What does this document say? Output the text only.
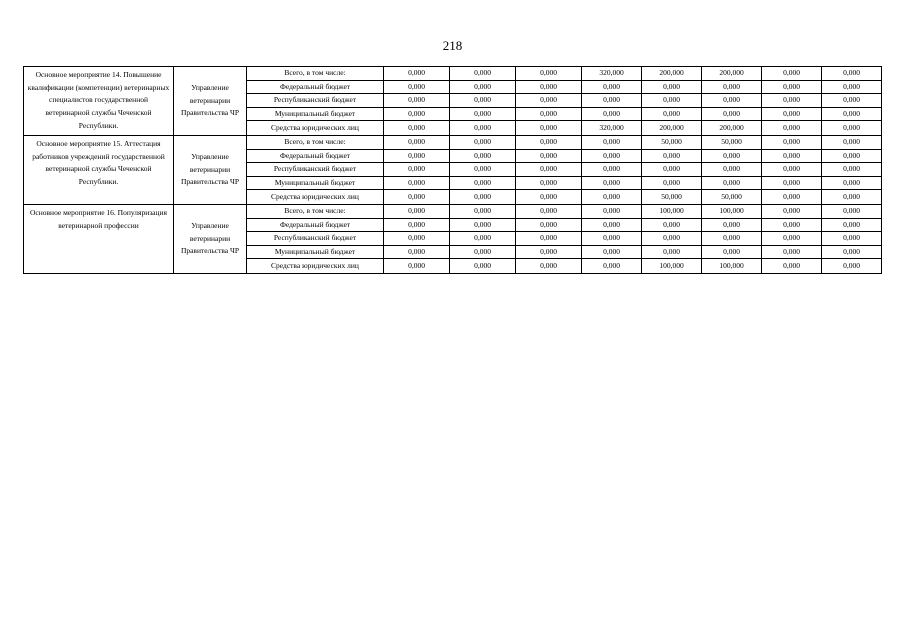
218
Основное мероприятие 14. Повышение квалификации (компетенции) ветеринарных специалистов государственной ветеринарной службы Чеченской Республики.	Управление ветеринарии Правительства ЧР	Всего, в том числе:	0,000	0,000	0,000	320,000	200,000	200,000	0,000	0,000
		Федеральный бюджет	0,000	0,000	0,000	0,000	0,000	0,000	0,000	0,000
		Республиканский бюджет	0,000	0,000	0,000	0,000	0,000	0,000	0,000	0,000
		Муниципальный бюджет	0,000	0,000	0,000	0,000	0,000	0,000	0,000	0,000
		Средства юридических лиц	0,000	0,000	0,000	320,000	200,000	200,000	0,000	0,000
Основное мероприятие 15. Аттестация работников учреждений государственной ветеринарной службы Чеченской Республики.	Управление ветеринарии Правительства ЧР	Всего, в том числе:	0,000	0,000	0,000	0,000	50,000	50,000	0,000	0,000
		Федеральный бюджет	0,000	0,000	0,000	0,000	0,000	0,000	0,000	0,000
		Республиканский бюджет	0,000	0,000	0,000	0,000	0,000	0,000	0,000	0,000
		Муниципальный бюджет	0,000	0,000	0,000	0,000	0,000	0,000	0,000	0,000
		Средства юридических лиц	0,000	0,000	0,000	0,000	50,000	50,000	0,000	0,000
Основное мероприятие 16. Популяризация ветеринарной профессии	Управление ветеринарии Правительства ЧР	Всего, в том числе:	0,000	0,000	0,000	0,000	100,000	100,000	0,000	0,000
		Федеральный бюджет	0,000	0,000	0,000	0,000	0,000	0,000	0,000	0,000
		Республиканский бюджет	0,000	0,000	0,000	0,000	0,000	0,000	0,000	0,000
		Муниципальный бюджет	0,000	0,000	0,000	0,000	0,000	0,000	0,000	0,000
		Средства юридических лиц	0,000	0,000	0,000	0,000	100,000	100,000	0,000	0,000
